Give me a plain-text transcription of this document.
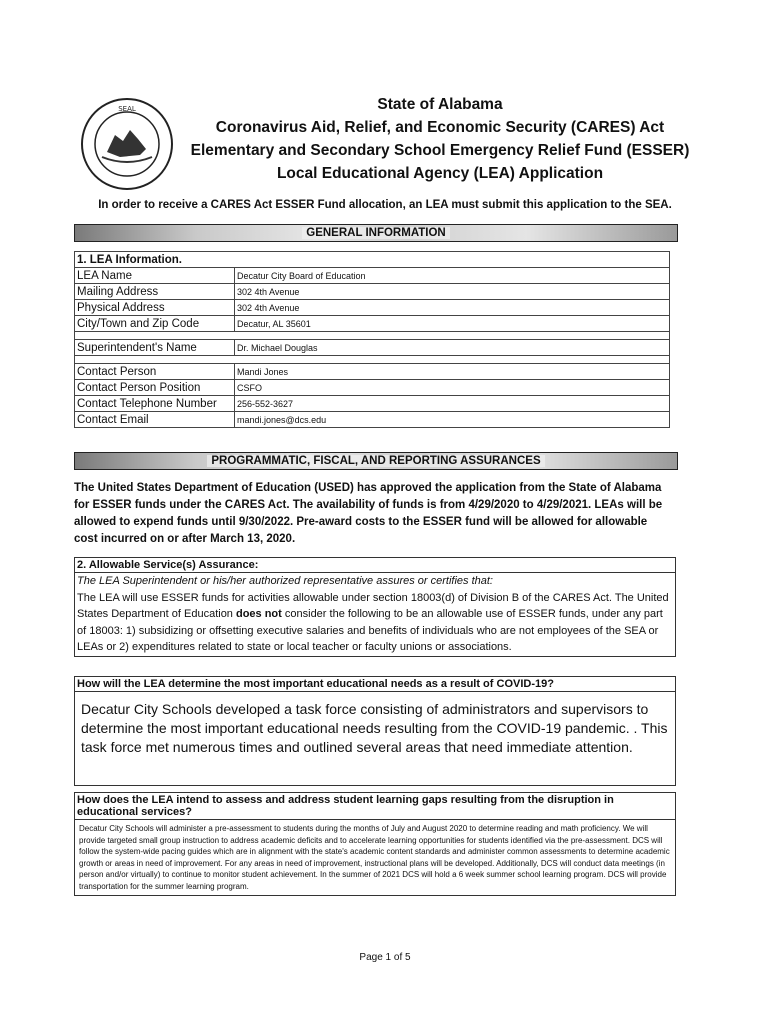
SEAL	State of Alabama
Coronavirus Aid, Relief, and Economic Security (CARES) Act
Elementary and Secondary School Emergency Relief Fund (ESSER)
Local Educational Agency (LEA) Application
In order to receive a CARES Act ESSER Fund allocation, an LEA must submit this application to the SEA.
GENERAL INFORMATION
1. LEA Information.	
LEA Name	Decatur City Board of Education
Mailing Address	302 4th Avenue
Physical Address	302 4th Avenue
City/Town and Zip Code	Decatur, AL 35601

Superintendent's Name	Dr. Michael Douglas

Contact Person	Mandi Jones
Contact Person Position	CSFO
Contact Telephone Number	256-552-3627
Contact Email	mandi.jones@dcs.edu
PROGRAMMATIC, FISCAL, AND REPORTING ASSURANCES
The United States Department of Education (USED) has approved the application from the State of Alabama for ESSER funds under the CARES Act. The availability of funds is from 4/29/2020 to 4/29/2021. LEAs will be allowed to expend funds until 9/30/2022. Pre-award costs to the ESSER fund will be allowed for allowable cost incurred on or after March 13, 2020.
2. Allowable Service(s) Assurance:
The LEA Superintendent or his/her authorized representative assures or certifies that:
The LEA will use ESSER funds for activities allowable under section 18003(d) of Division B of the CARES Act. The United States Department of Education does not consider the following to be an allowable use of ESSER funds, under any part of 18003: 1) subsidizing or offsetting executive salaries and benefits of individuals who are not employees of the SEA or LEAs or 2) expenditures related to state or local teacher or faculty unions or associations.
How will the LEA determine the most important educational needs as a result of COVID-19?
Decatur City Schools developed a task force consisting of administrators and supervisors to determine the most important educational needs resulting from the COVID-19 pandemic. . This task force met numerous times and outlined several areas that need immediate attention.
How does the LEA intend to assess and address student learning gaps resulting from the disruption in educational services?
Decatur City Schools will administer a pre-assessment to students during the months of July and August 2020 to determine reading and math proficiency. We will provide targeted small group instruction to address academic deficits and to accelerate learning opportunities for students identified via the pre-assessment. DCS will follow the system-wide pacing guides which are in alignment with the state's academic content standards and administer common assessments to determine academic growth or areas in need of improvement. For any areas in need of improvement, instructional plans will be developed. Additionally, DCS will conduct data meetings (in person and/or virtually) to continue to monitor student achievement. In the summer of 2021 DCS will hold a 6 week summer school learning program. DCS will provide transportation for the summer learning program.
Page 1 of 5
